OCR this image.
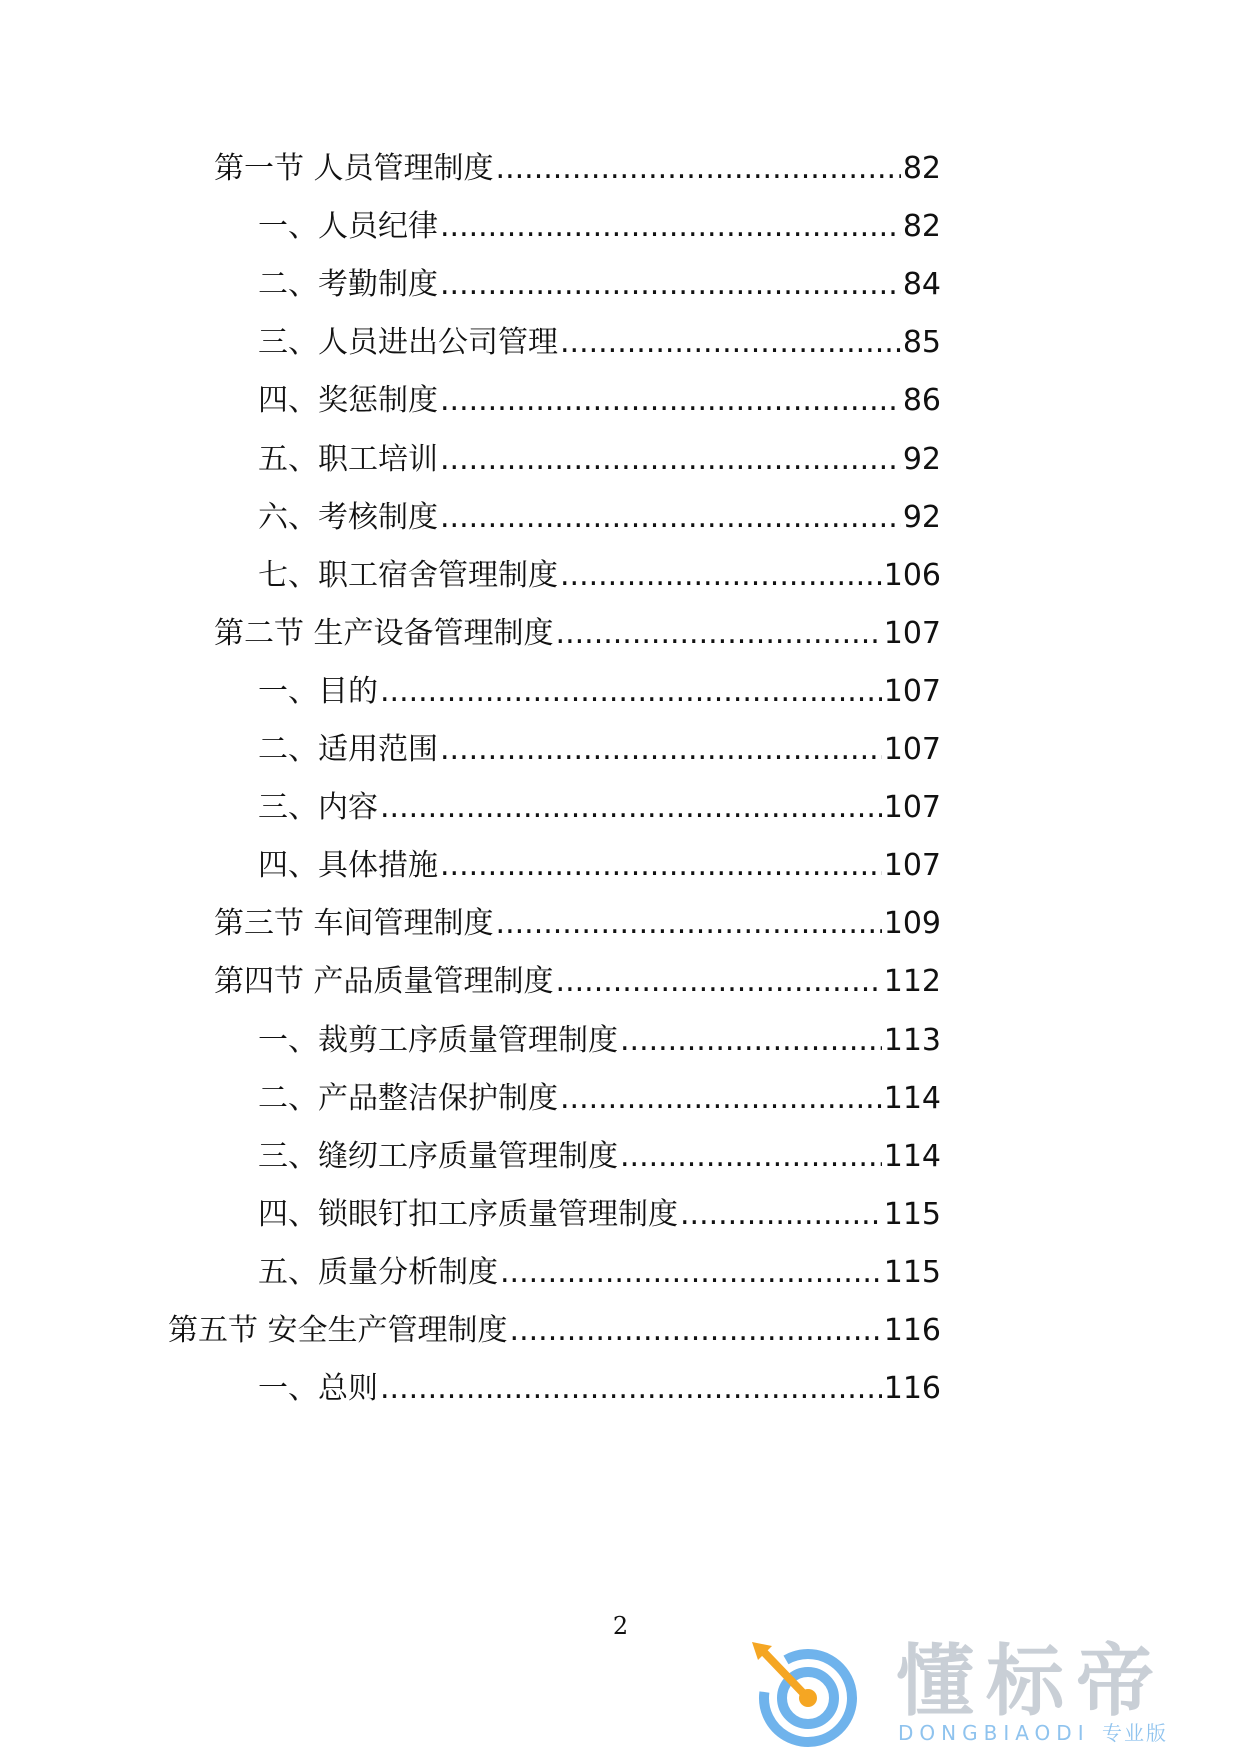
第一节 人员管理制度 .....	82
一、人员纪律 .....	82
二、考勤制度 .....	84
三、人员进出公司管理 .....	85
四、奖惩制度 .....	86
五、职工培训 .....	92
六、考核制度 .....	92
七、职工宿舍管理制度 .....	106
第二节 生产设备管理制度 .....	107
一、目的 .....	107
二、适用范围 .....	107
三、内容 .....	107
四、具体措施 .....	107
第三节 车间管理制度 .....	109
第四节 产品质量管理制度 .....	112
一、裁剪工序质量管理制度 .....	113
二、产品整洁保护制度 .....	114
三、缝纫工序质量管理制度 .....	114
四、锁眼钉扣工序质量管理制度 .....	115
五、质量分析制度 .....	115
第五节 安全生产管理制度 .....	116
一、总则 .....	116
2
懂标帝
DONGBIAODI 专业版
